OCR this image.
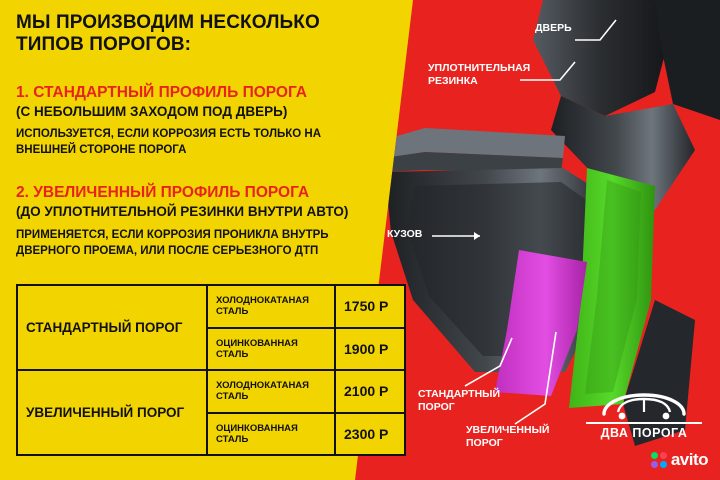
МЫ ПРОИЗВОДИМ НЕСКОЛЬКО ТИПОВ ПОРОГОВ:
1. СТАНДАРТНЫЙ ПРОФИЛЬ ПОРОГА
(С НЕБОЛЬШИМ ЗАХОДОМ ПОД ДВЕРЬ)
ИСПОЛЬЗУЕТСЯ, ЕСЛИ КОРРОЗИЯ ЕСТЬ ТОЛЬКО НА ВНЕШНЕЙ СТОРОНЕ ПОРОГА
2. УВЕЛИЧЕННЫЙ ПРОФИЛЬ ПОРОГА
(ДО УПЛОТНИТЕЛЬНОЙ РЕЗИНКИ ВНУТРИ АВТО)
ПРИМЕНЯЕТСЯ, ЕСЛИ КОРРОЗИЯ ПРОНИКЛА ВНУТРЬ ДВЕРНОГО ПРОЕМА, ИЛИ ПОСЛЕ СЕРЬЕЗНОГО ДТП
СТАНДАРТНЫЙ ПОРОГ	ХОЛОДНОКАТАНАЯ СТАЛЬ	1750 Р
	ОЦИНКОВАННАЯ СТАЛЬ	1900 Р
УВЕЛИЧЕННЫЙ ПОРОГ	ХОЛОДНОКАТАНАЯ СТАЛЬ	2100 Р
	ОЦИНКОВАННАЯ СТАЛЬ	2300 Р
ДВЕРЬ
УПЛОТНИТЕЛЬНАЯ РЕЗИНКА
КУЗОВ
СТАНДАРТНЫЙ ПОРОГ
УВЕЛИЧЕННЫЙ ПОРОГ
ДВА ПОРОГА
avito
